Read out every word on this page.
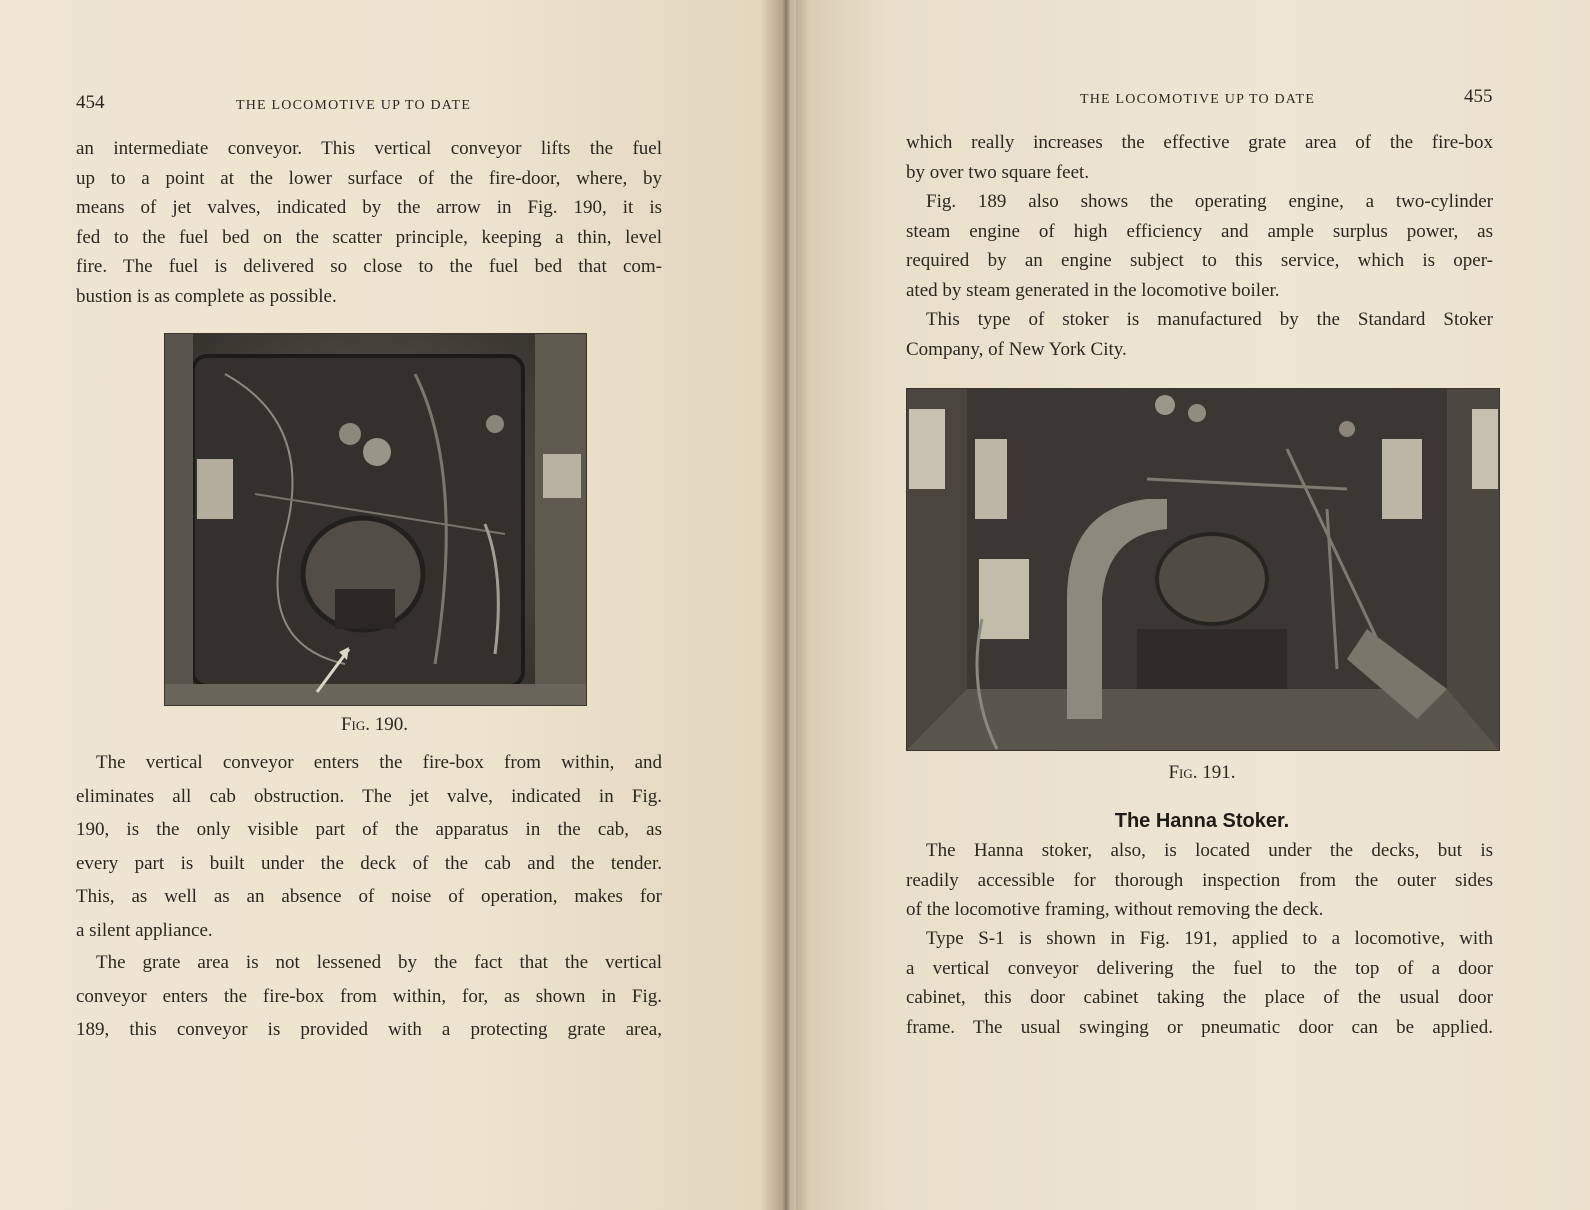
454	THE LOCOMOTIVE UP TO DATE
an intermediate conveyor. This vertical conveyor lifts the fuel
up to a point at the lower surface of the fire-door, where, by
means of jet valves, indicated by the arrow in Fig. 190, it is
fed to the fuel bed on the scatter principle, keeping a thin, level
fire. The fuel is delivered so close to the fuel bed that com-
bustion is as complete as possible.
Fig. 190.
The vertical conveyor enters the fire-box from within, and
eliminates all cab obstruction. The jet valve, indicated in Fig.
190, is the only visible part of the apparatus in the cab, as
every part is built under the deck of the cab and the tender.
This, as well as an absence of noise of operation, makes for
a silent appliance.
The grate area is not lessened by the fact that the vertical
conveyor enters the fire-box from within, for, as shown in Fig.
189, this conveyor is provided with a protecting grate area,
THE LOCOMOTIVE UP TO DATE	455
which really increases the effective grate area of the fire-box
by over two square feet.
Fig. 189 also shows the operating engine, a two-cylinder
steam engine of high efficiency and ample surplus power, as
required by an engine subject to this service, which is oper-
ated by steam generated in the locomotive boiler.
This type of stoker is manufactured by the Standard Stoker
Company, of New York City.
Fig. 191.
The Hanna Stoker.
The Hanna stoker, also, is located under the decks, but is
readily accessible for thorough inspection from the outer sides
of the locomotive framing, without removing the deck.
Type S-1 is shown in Fig. 191, applied to a locomotive, with
a vertical conveyor delivering the fuel to the top of a door
cabinet, this door cabinet taking the place of the usual door
frame. The usual swinging or pneumatic door can be applied.
